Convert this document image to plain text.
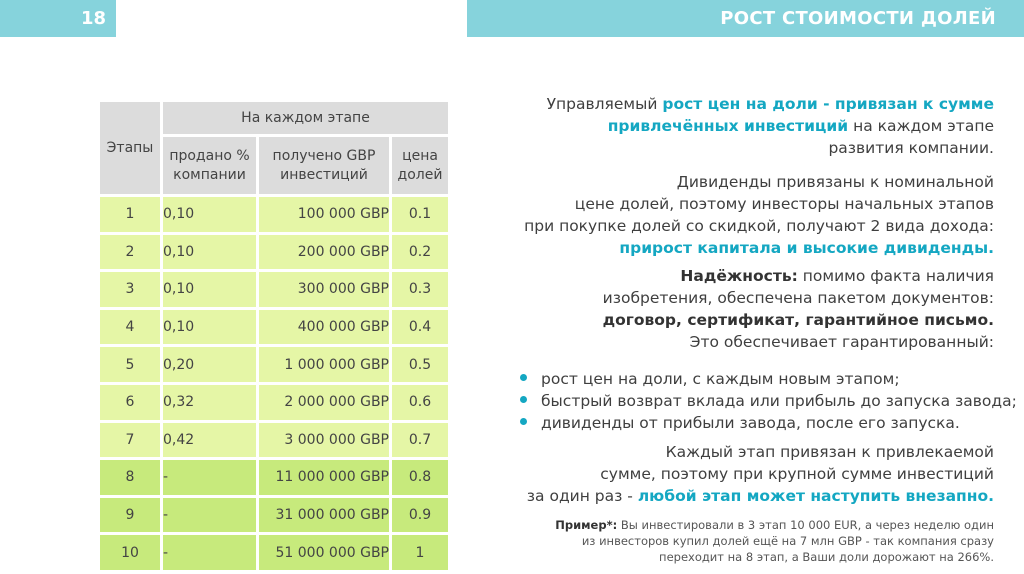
18	РОСТ СТОИМОСТИ ДОЛЕЙ
Этапы	На каждом этапе		
	продано % компании	получено GBP инвестиций	цена долей
1	0,10	100 000 GBP	0.1
2	0,10	200 000 GBP	0.2
3	0,10	300 000 GBP	0.3
4	0,10	400 000 GBP	0.4
5	0,20	1 000 000 GBP	0.5
6	0,32	2 000 000 GBP	0.6
7	0,42	3 000 000 GBP	0.7
8	-	11 000 000 GBP	0.8
9	-	31 000 000 GBP	0.9
10	-	51 000 000 GBP	1
Управляемый рост цен на доли - привязан к сумме
привлечённых инвестиций на каждом этапе
развития компании.
Дивиденды привязаны к номинальной
цене долей, поэтому инвесторы начальных этапов
при покупке долей со скидкой, получают 2 вида дохода:
прирост капитала и высокие дивиденды.
Надёжность: помимо факта наличия
изобретения, обеспечена пакетом документов:
договор, сертификат, гарантийное письмо.
Это обеспечивает гарантированный:
рост цен на доли, с каждым новым этапом;
быстрый возврат вклада или прибыль до запуска завода;
дивиденды от прибыли завода, после его запуска.
Каждый этап привязан к привлекаемой
сумме, поэтому при крупной сумме инвестиций
за один раз - любой этап может наступить внезапно.
Пример*: Вы инвестировали в 3 этап 10 000 EUR, а через неделю один из инвесторов купил долей ещё на 7 млн GBP - так компания сразу переходит на 8 этап, а Ваши доли дорожают на 266%.
